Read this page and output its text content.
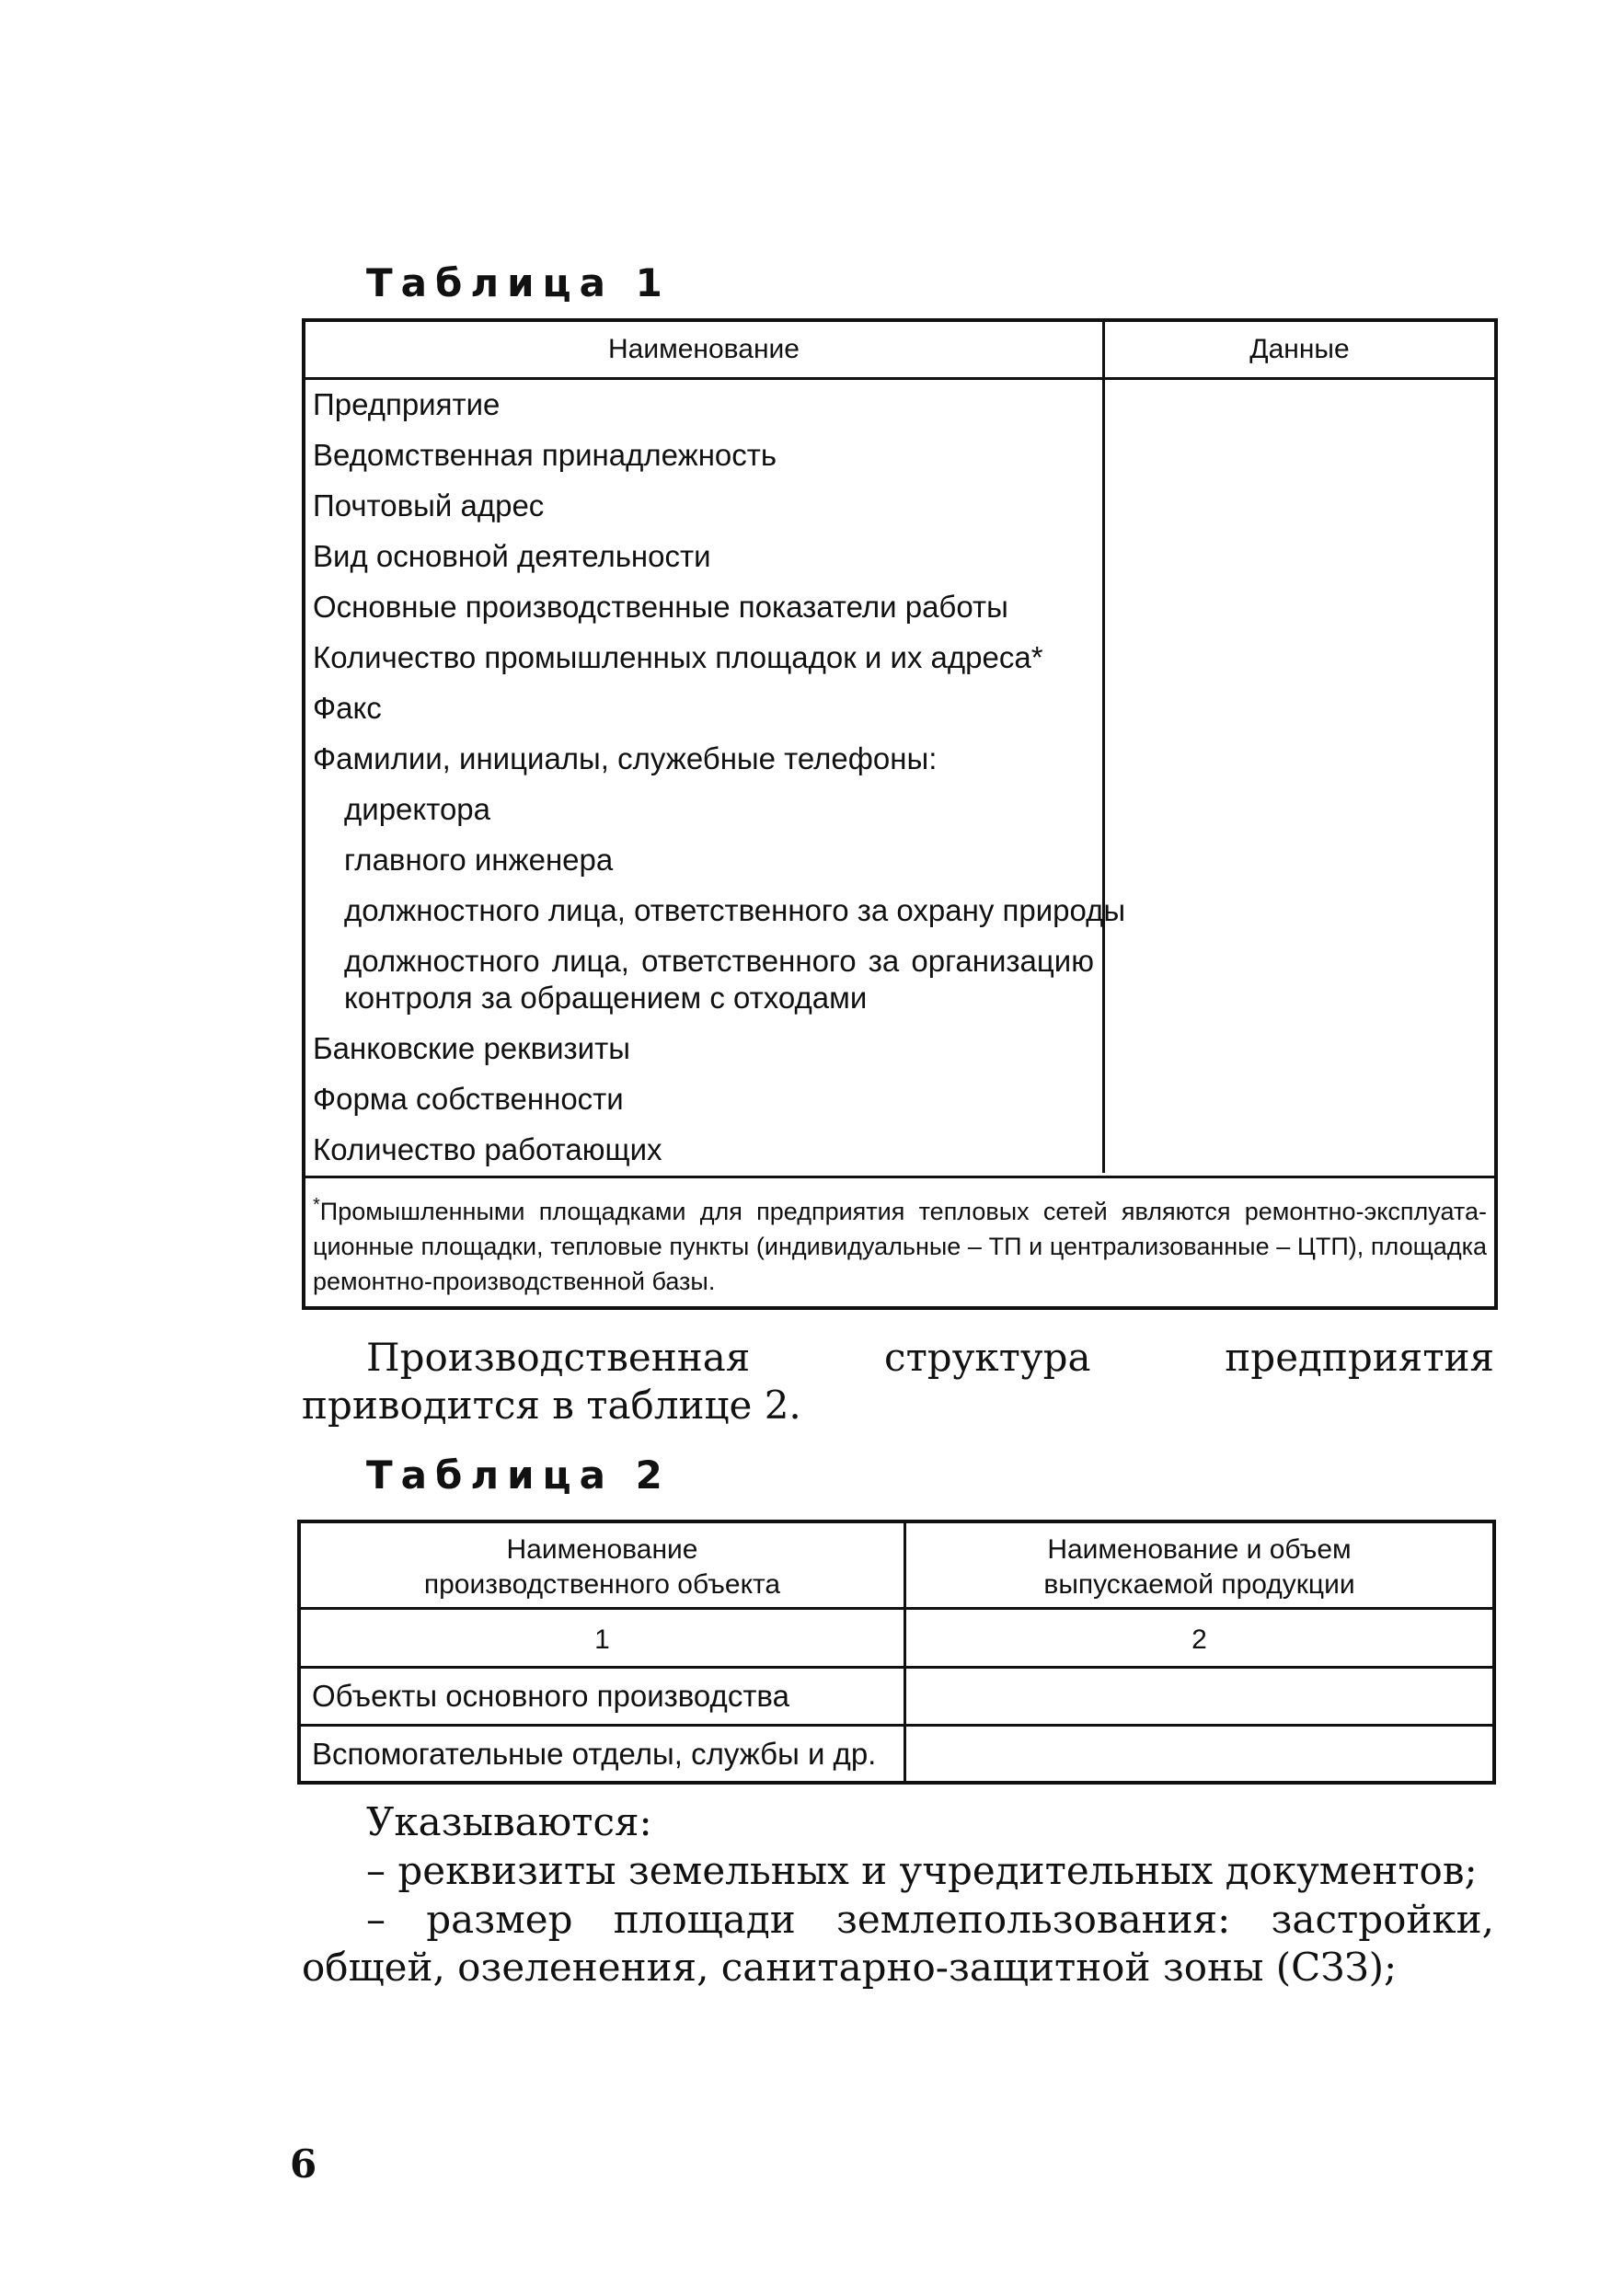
Таблица 1
Наименование	Данные
Предприятие
Ведомственная принадлежность
Почтовый адрес
Вид основной деятельности
Основные производственные показатели работы
Количество промышленных площадок и их адреса*
Факс
Фамилии, инициалы, служебные телефоны:
директора
главного инженера
должностного лица, ответственного за охрану природы
должностного лица, ответственного за организацию контроля за обращением с отходами
Банковские реквизиты
Форма собственности
Количество работающих
*Промышленными площадками для предприятия тепловых сетей являются ремонтно-эксплуата-ционные площадки, тепловые пункты (индивидуальные – ТП и централизованные – ЦТП), площадка ремонтно-производственной базы.

Производственная структура предприятия приводится в таблице 2.

Таблица 2
Наименование
производственного объекта
Наименование и объем
выпускаемой продукции
1	2
Объекты основного производства
Вспомогательные отделы, службы и др.

Указываются:

– реквизиты земельных и учредительных документов;

– размер площади землепользования: застройки, общей, озеленения, санитарно-защитной зоны (СЗЗ);

6
